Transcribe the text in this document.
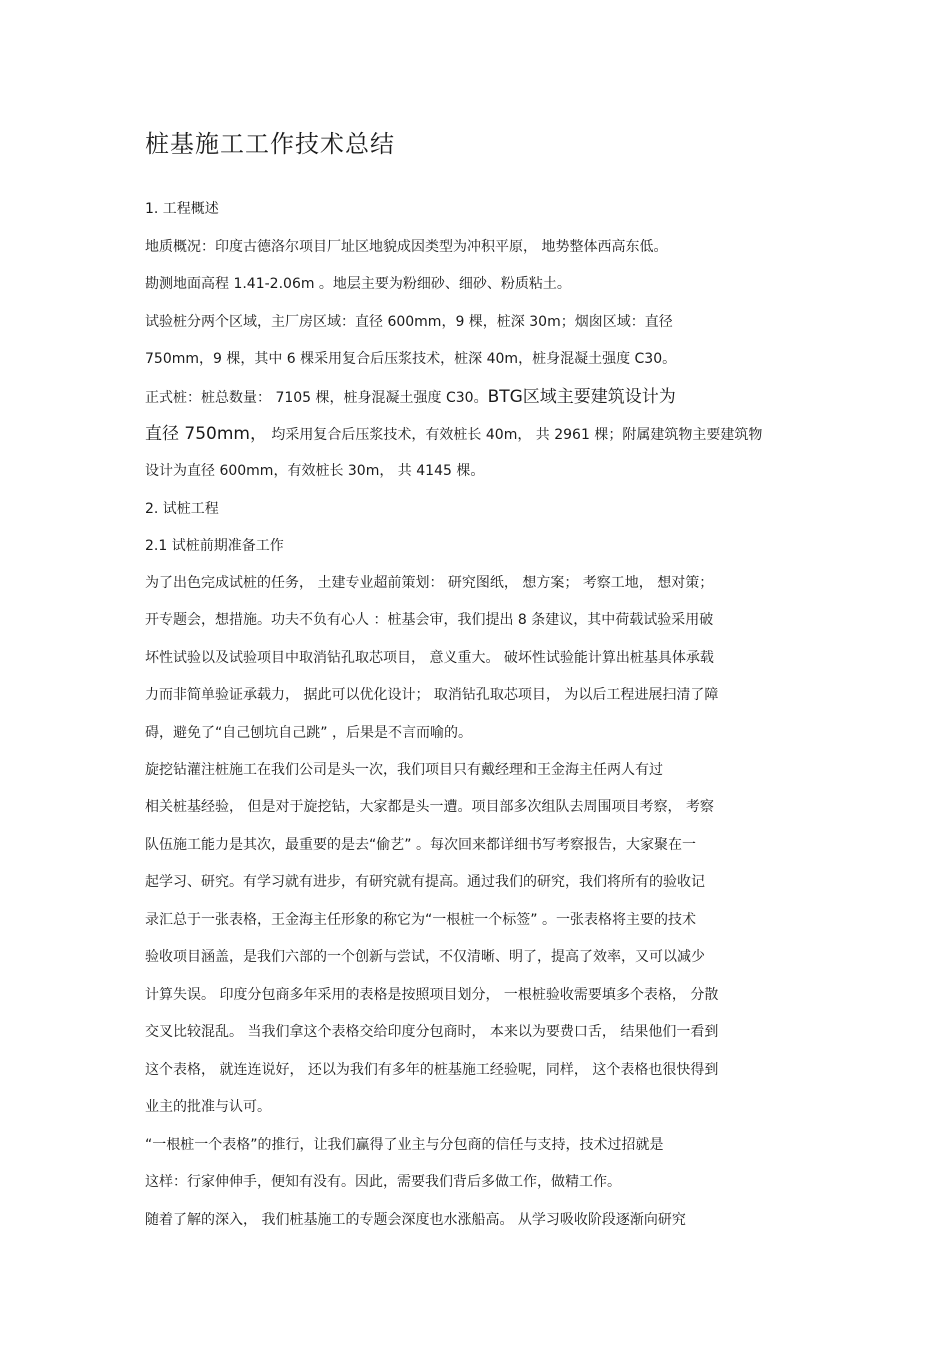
桩基施工工作技术总结
1. 工程概述
地质概况：印度古德洛尔项目厂址区地貌成因类型为冲积平原， 地势整体西高东低。
勘测地面高程 1.41-2.06m 。地层主要为粉细砂、细砂、粉质粘土。
试验桩分两个区域，主厂房区域：直径 600mm，9 棵，桩深 30m；烟囱区域：直径
750mm，9 棵，其中 6 棵采用复合后压浆技术，桩深 40m，桩身混凝土强度 C30。
正式桩：桩总数量： 7105 棵，桩身混凝土强度 C30。BTG区域主要建筑设计为
直径 750mm， 均采用复合后压浆技术，有效桩长 40m， 共 2961 棵；附属建筑物主要建筑物
设计为直径 600mm，有效桩长 30m， 共 4145 棵。
2. 试桩工程
2.1 试桩前期准备工作
为了出色完成试桩的任务， 土建专业超前策划： 研究图纸， 想方案； 考察工地， 想对策；
开专题会，想措施。功夫不负有心人 ：桩基会审，我们提出 8 条建议，其中荷载试验采用破
坏性试验以及试验项目中取消钻孔取芯项目， 意义重大。 破坏性试验能计算出桩基具体承载
力而非简单验证承载力， 据此可以优化设计； 取消钻孔取芯项目， 为以后工程进展扫清了障
碍，避免了“自己刨坑自己跳” ，后果是不言而喻的。
旋挖钻灌注桩施工在我们公司是头一次，我们项目只有戴经理和王金海主任两人有过
相关桩基经验， 但是对于旋挖钻，大家都是头一遭。项目部多次组队去周围项目考察， 考察
队伍施工能力是其次，最重要的是去“偷艺” 。每次回来都详细书写考察报告，大家聚在一
起学习、研究。有学习就有进步，有研究就有提高。通过我们的研究，我们将所有的验收记
录汇总于一张表格，王金海主任形象的称它为“一根桩一个标签” 。一张表格将主要的技术
验收项目涵盖，是我们六部的一个创新与尝试，不仅清晰、明了，提高了效率，又可以减少
计算失误。 印度分包商多年采用的表格是按照项目划分， 一根桩验收需要填多个表格， 分散
交叉比较混乱。 当我们拿这个表格交给印度分包商时， 本来以为要费口舌， 结果他们一看到
这个表格， 就连连说好， 还以为我们有多年的桩基施工经验呢，同样， 这个表格也很快得到
业主的批准与认可。
“一根桩一个表格”的推行，让我们赢得了业主与分包商的信任与支持，技术过招就是
这样：行家伸伸手，便知有没有。因此，需要我们背后多做工作，做精工作。
随着了解的深入， 我们桩基施工的专题会深度也水涨船高。 从学习吸收阶段逐渐向研究
